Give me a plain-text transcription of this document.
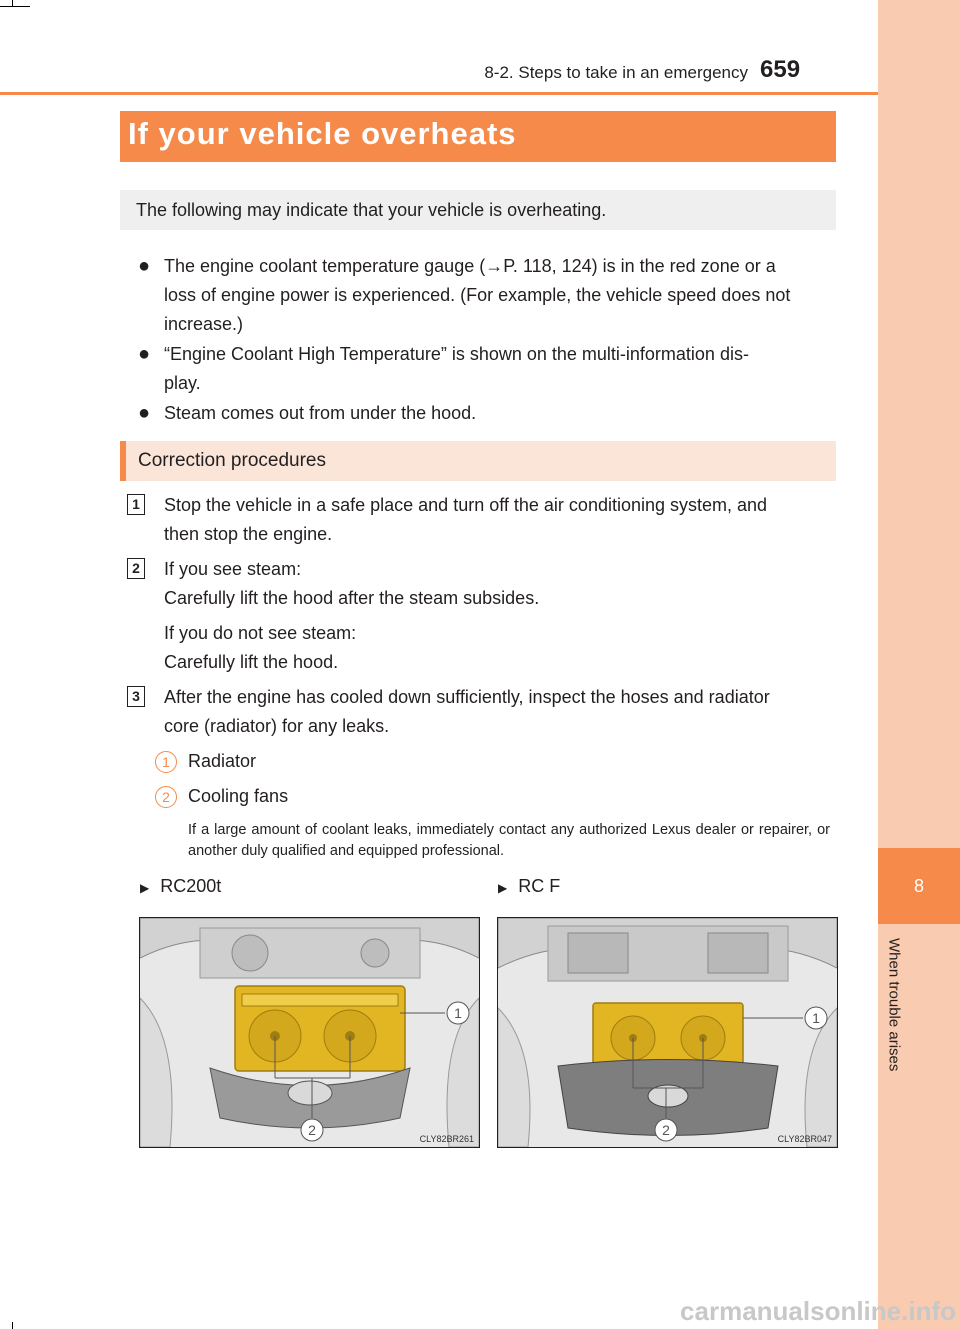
8
When trouble arises
8-2. Steps to take in an emergency 659
If your vehicle overheats
The following may indicate that your vehicle is overheating.
● The engine coolant temperature gauge (→P. 118, 124) is in the red zone or a
loss of engine power is experienced. (For example, the vehicle speed does not
increase.)
● “Engine Coolant High Temperature” is shown on the multi-information dis-
play.
● Steam comes out from under the hood.
Correction procedures
1 Stop the vehicle in a safe place and turn off the air conditioning system, and
then stop the engine.
2 If you see steam:
Carefully lift the hood after the steam subsides.
If you do not see steam:
Carefully lift the hood.
3 After the engine has cooled down sufficiently, inspect the hoses and radiator
core (radiator) for any leaks.
1	Radiator
2	Cooling fans
If a large amount of coolant leaks, immediately contact any authorized Lexus dealer or repairer, or another duly qualified and equipped professional.
▶ RC200t	▶ RC F
1
2
CLY82BR261
1
2
CLY82BR047
carmanualsonline.info
